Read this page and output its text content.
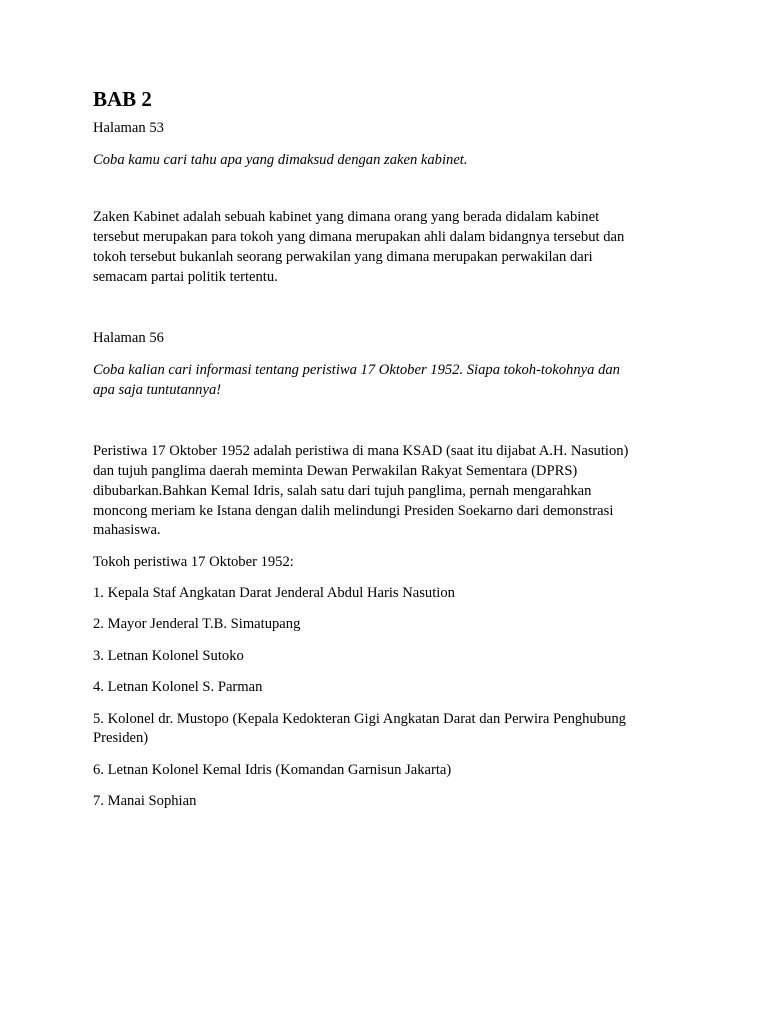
BAB 2

Halaman 53

Coba kamu cari tahu apa yang dimaksud dengan zaken kabinet.

Zaken Kabinet adalah sebuah kabinet yang dimana orang yang berada didalam kabinet

tersebut merupakan para tokoh yang dimana merupakan ahli dalam bidangnya tersebut dan

tokoh tersebut bukanlah seorang perwakilan yang dimana merupakan perwakilan dari

semacam partai politik tertentu.

Halaman 56

Coba kalian cari informasi tentang peristiwa 17 Oktober 1952. Siapa tokoh-tokohnya dan

apa saja tuntutannya!

Peristiwa 17 Oktober 1952 adalah peristiwa di mana KSAD (saat itu dijabat A.H. Nasution)

dan tujuh panglima daerah meminta Dewan Perwakilan Rakyat Sementara (DPRS)

dibubarkan.Bahkan Kemal Idris, salah satu dari tujuh panglima, pernah mengarahkan

moncong meriam ke Istana dengan dalih melindungi Presiden Soekarno dari demonstrasi

mahasiswa.

Tokoh peristiwa 17 Oktober 1952:

1. Kepala Staf Angkatan Darat Jenderal Abdul Haris Nasution
2. Mayor Jenderal T.B. Simatupang
3. Letnan Kolonel Sutoko
4. Letnan Kolonel S. Parman
5. Kolonel dr. Mustopo (Kepala Kedokteran Gigi Angkatan Darat dan Perwira Penghubung
Presiden)
6. Letnan Kolonel Kemal Idris (Komandan Garnisun Jakarta)
7. Manai Sophian
